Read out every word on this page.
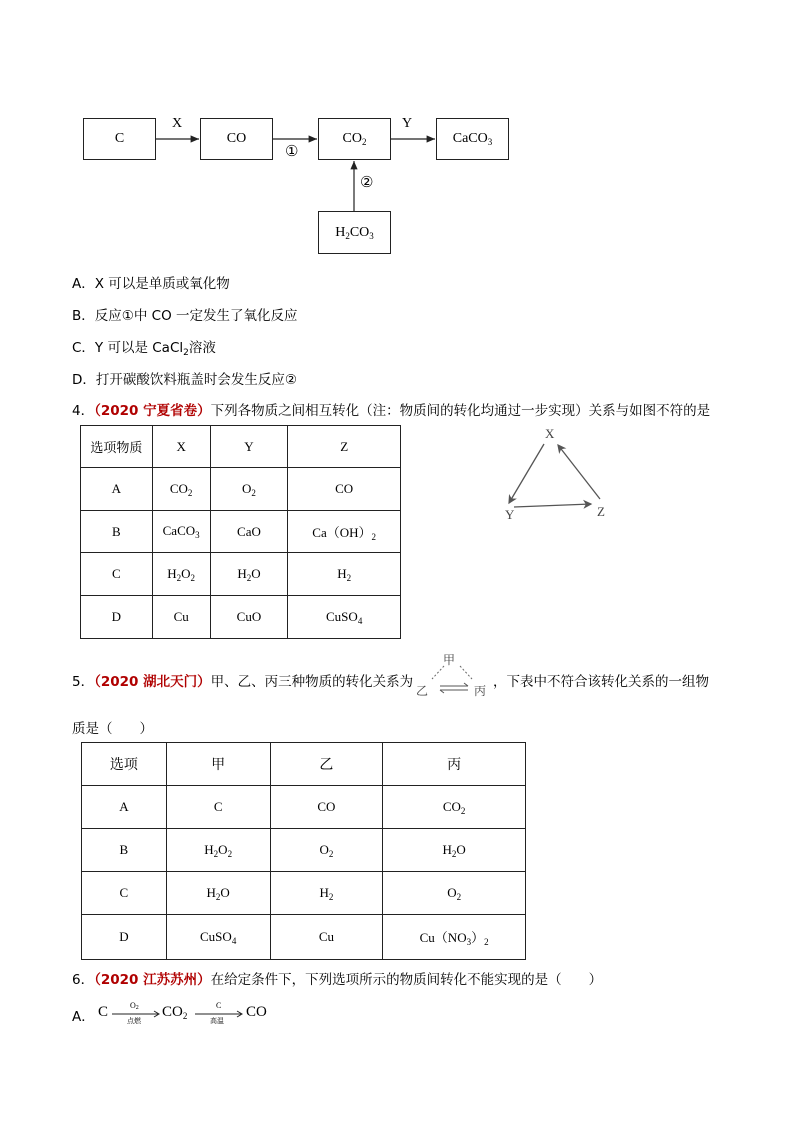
C	CO	$CO_2$	CaCO$_3$
$H_2CO_3$
X
①
Y
②
A．X 可以是单质或氧化物
B．反应①中 CO 一定发生了氧化反应
C．Y 可以是 CaCl$_2$溶液
D．打开碳酸饮料瓶盖时会发生反应②
4．（2020 宁夏省卷）下列各物质之间相互转化（注：物质间的转化均通过一步实现）关系与如图不符的是
选项物质	X	Y	Z
A	$CO_2$	$O_2$	CO
B	CaCO$_3$	CaO	$Ca(OH)_2$
C	$H_2O_2$	$H_2O$	$H_2$
D	Cu	CuO	CuSO$_4$
X
Y	Z
5．（2020 湖北天门）甲、乙、丙三种物质的转化关系为
甲
乙	丙
，下表中不符合该转化关系的一组物
质是（　　）
选项	甲	乙	丙
A	C	CO	$CO_2$
B	$H_2O_2$	$O_2$	$H_2O$
C	$H_2O$	$H_2$	$O_2$
D	CuSO$_4$	Cu	$Cu(NO_3)_2$
6．（2020 江苏苏州）在给定条件下，下列选项所示的物质间转化不能实现的是（　　）
A． C	$O_2$
点燃
$CO_2$
C
高温
CO
